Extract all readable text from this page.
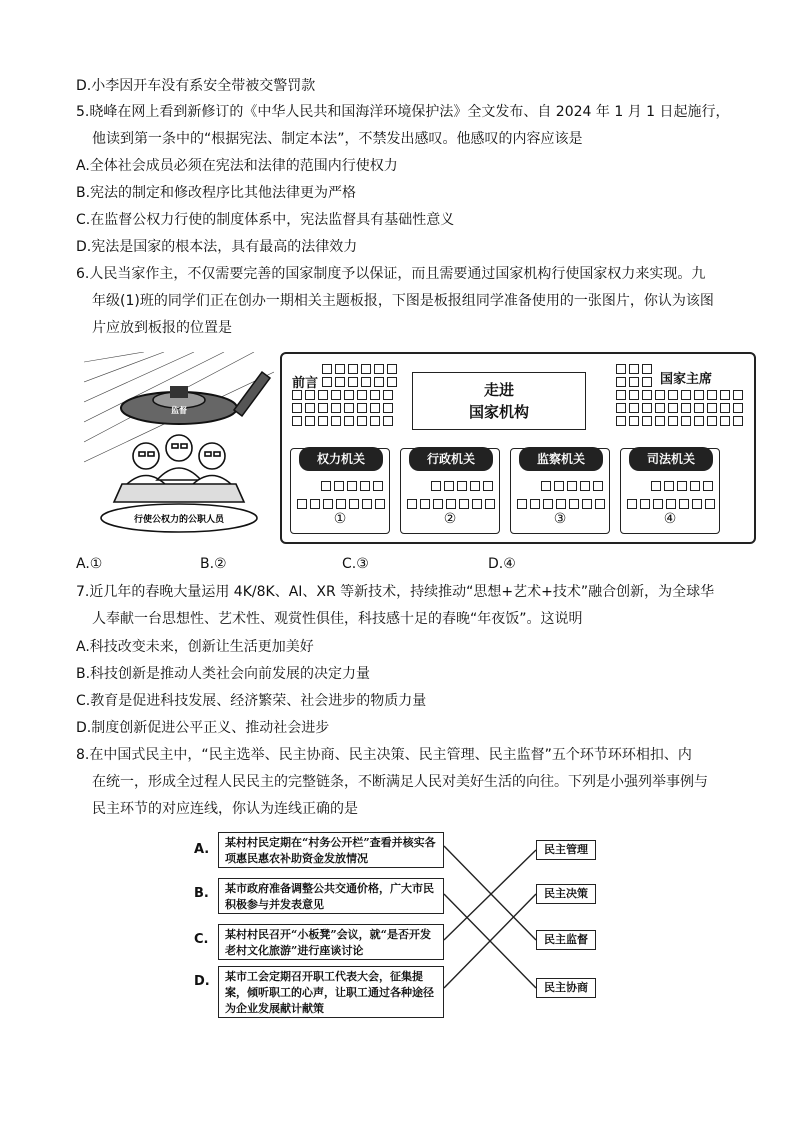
D.小李因开车没有系安全带被交警罚款
5.晓峰在网上看到新修订的《中华人民共和国海洋环境保护法》全文发布、自 2024 年 1 月 1 日起施行，
他读到第一条中的“根据宪法、制定本法”，不禁发出感叹。他感叹的内容应该是
A.全体社会成员必须在宪法和法律的范围内行使权力
B.宪法的制定和修改程序比其他法律更为严格
C.在监督公权力行使的制度体系中，宪法监督具有基础性意义
D.宪法是国家的根本法，具有最高的法律效力
6.人民当家作主，不仅需要完善的国家制度予以保证，而且需要通过国家机构行使国家权力来实现。九
年级(1)班的同学们正在创办一期相关主题板报，下图是板报组同学准备使用的一张图片，你认为该图
片应放到板报的位置是
监督
行使公权力的公职人员
前言	走进
国家机构
国家主席
权力机关
①
行政机关
②
监察机关
③
司法机关
④
A.①	B.②	C.③	D.④
7.近几年的春晚大量运用 4K/8K、AI、XR 等新技术，持续推动“思想+艺术+技术”融合创新，为全球华
人奉献一台思想性、艺术性、观赏性俱佳，科技感十足的春晚“年夜饭”。这说明
A.科技改变未来，创新让生活更加美好
B.科技创新是推动人类社会向前发展的决定力量
C.教育是促进科技发展、经济繁荣、社会进步的物质力量
D.制度创新促进公平正义、推动社会进步
8.在中国式民主中，“民主选举、民主协商、民主决策、民主管理、民主监督”五个环节环环相扣、内
在统一，形成全过程人民民主的完整链条，不断满足人民对美好生活的向往。下列是小强列举事例与
民主环节的对应连线，你认为连线正确的是
A.	某村村民定期在“村务公开栏”查看并核实各项惠民惠农补助资金发放情况
B.	某市政府准备调整公共交通价格，广大市民积极参与并发表意见
C.	某村村民召开“小板凳”会议，就“是否开发老村文化旅游”进行座谈讨论
D.	某市工会定期召开职工代表大会，征集提案，倾听职工的心声，让职工通过各种途径为企业发展献计献策
民主管理
民主决策
民主监督
民主协商
